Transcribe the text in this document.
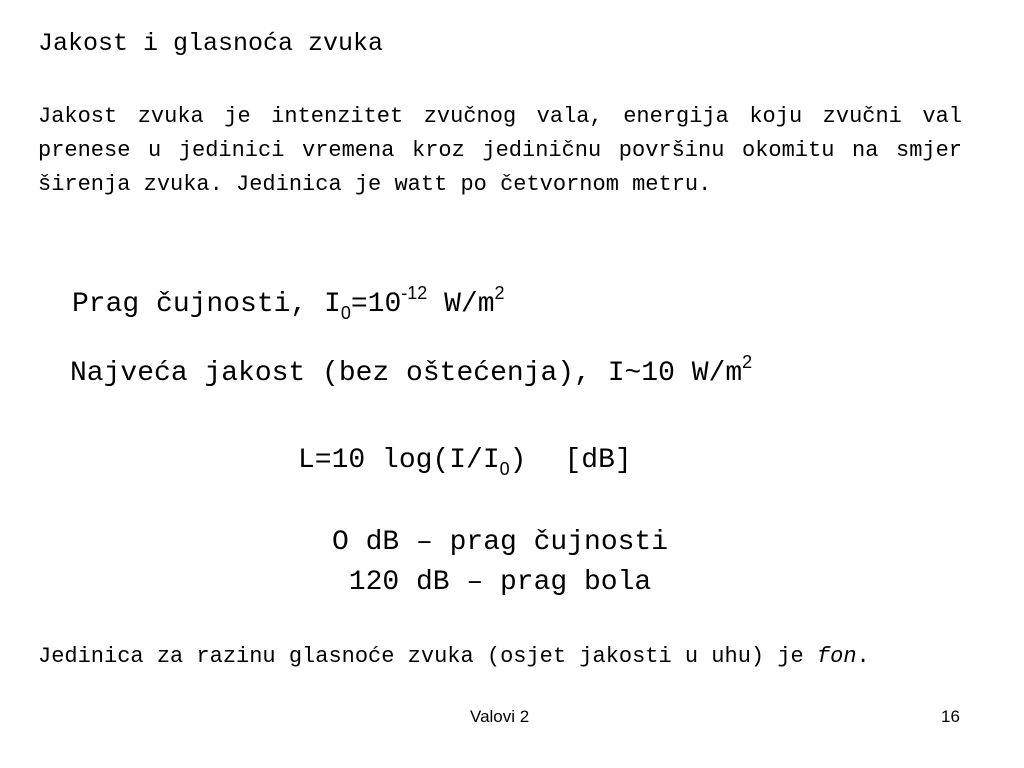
Jakost i glasnoća zvuka
Jakost zvuka je intenzitet zvučnog vala, energija koju zvučni val prenese u jedinici vremena kroz jediničnu površinu okomitu na smjer širenja zvuka. Jedinica je watt po četvornom metru.
Prag čujnosti, $I_0=10^{-12}$ $W/m^2$
Najveća jakost (bez oštećenja), I~10 $W/m^2$
L=10 $\log(I/I_0)$ [dB]
O dB – prag čujnosti
120 dB – prag bola
Jedinica za razinu glasnoće zvuka (osjet jakosti u uhu) je fon.
Valovi 2	16
